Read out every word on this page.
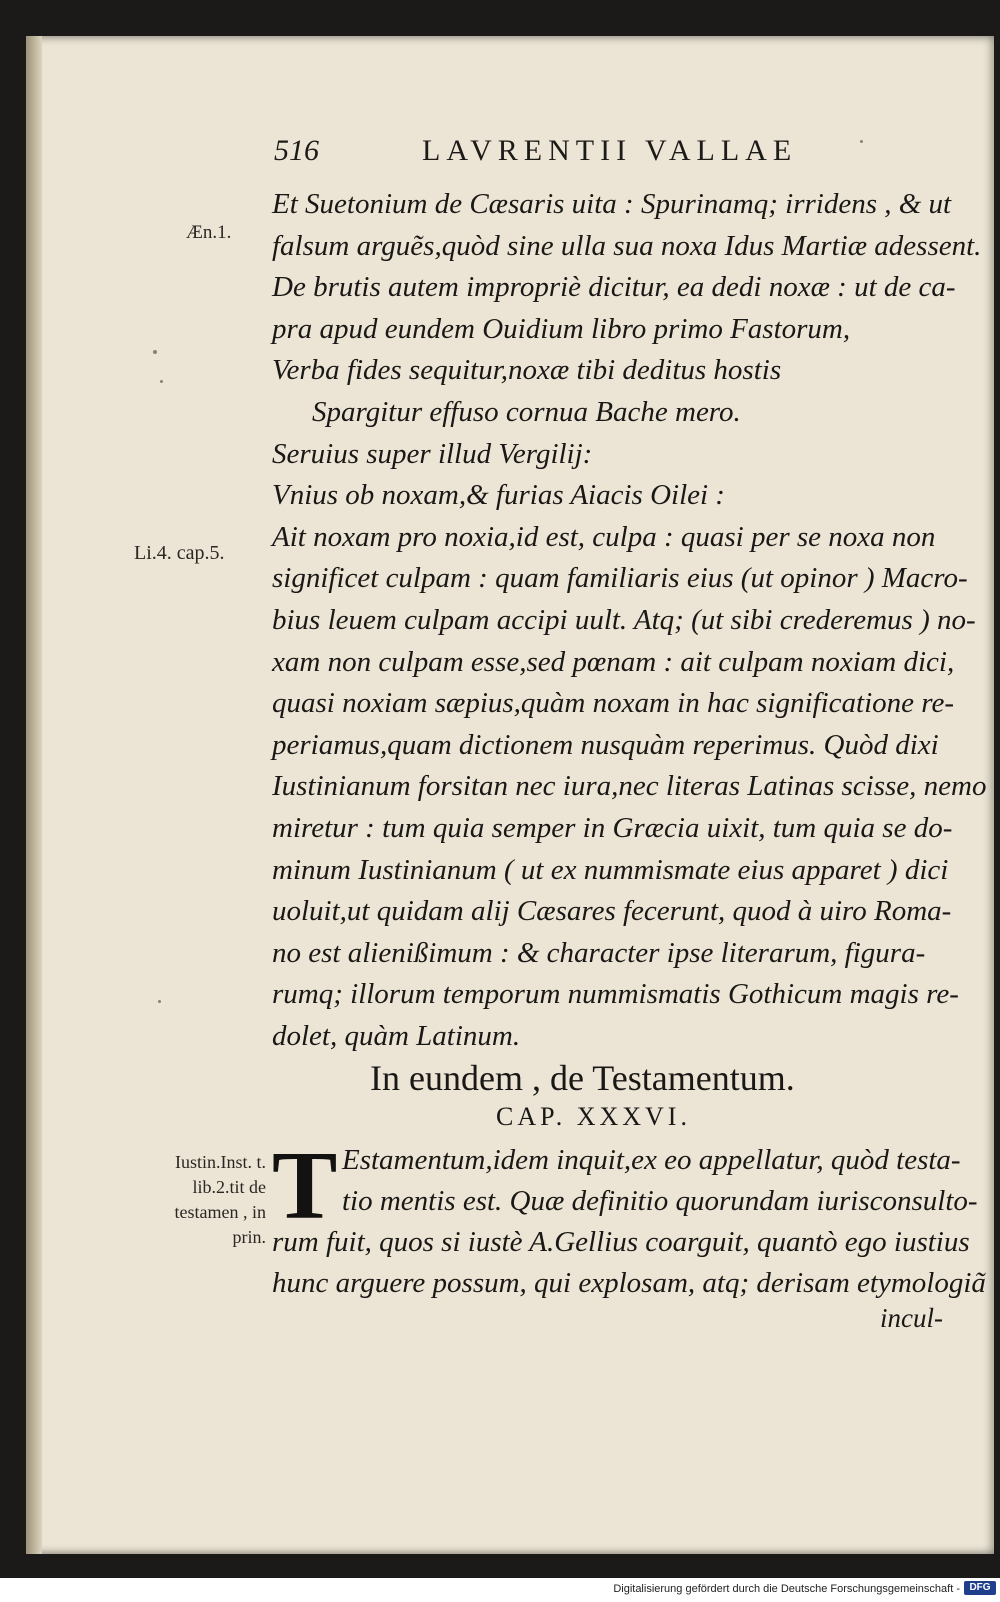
516	LAVRENTII VALLAE
Æn.1.
Li.4. cap.5.
Iustin.Inst. t.
lib.2.tit de
testamen , in
prin.
Et Suetonium de Cæsaris uita : Spurinamq; irridens , & ut
falsum arguẽs,quòd sine ulla sua noxa Idus Martiæ adessent.
De brutis autem impropriè dicitur, ea dedi noxæ : ut de ca-
pra apud eundem Ouidium libro primo Fastorum,
Verba fides sequitur,noxæ tibi deditus hostis
Spargitur effuso cornua Bache mero.
Seruius super illud Vergilij:
Vnius ob noxam,& furias Aiacis Oilei :
Ait noxam pro noxia,id est, culpa : quasi per se noxa non
significet culpam : quam familiaris eius (ut opinor ) Macro-
bius leuem culpam accipi uult. Atq; (ut sibi crederemus ) no-
xam non culpam esse,sed pœnam : ait culpam noxiam dici,
quasi noxiam sæpius,quàm noxam in hac significatione re-
periamus,quam dictionem nusquàm reperimus. Quòd dixi
Iustinianum forsitan nec iura,nec literas Latinas scisse, nemo
miretur : tum quia semper in Græcia uixit, tum quia se do-
minum Iustinianum ( ut ex nummismate eius apparet ) dici
uoluit,ut quidam alij Cæsares fecerunt, quod à uiro Roma-
no est alienißimum : & character ipse literarum, figura-
rumq; illorum temporum nummismatis Gothicum magis re-
dolet, quàm Latinum.
In eundem , de Testamentum.
CAP. XXXVI.
T Estamentum,idem inquit,ex eo appellatur, quòd testa-
tio mentis est. Quæ definitio quorundam iurisconsulto-
rum fuit, quos si iustè A.Gellius coarguit, quantò ego iustius
hunc arguere possum, qui explosam, atq; derisam etymologiã
incul-
Digitalisierung gefördert durch die Deutsche Forschungsgemeinschaft - DFG
